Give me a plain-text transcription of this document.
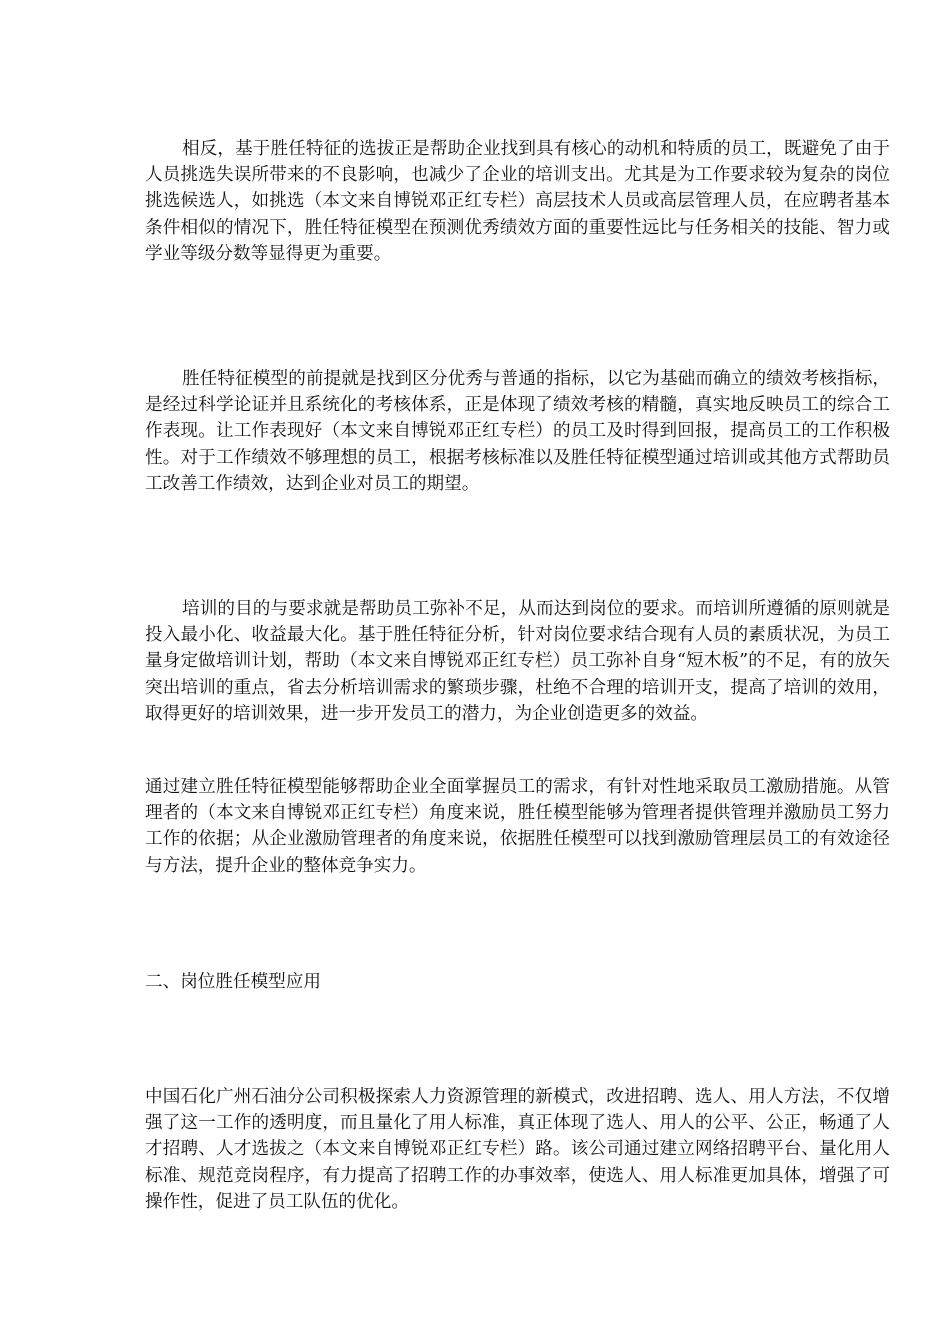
相反，基于胜任特征的选拔正是帮助企业找到具有核心的动机和特质的员工，既避免了由于人员挑选失误所带来的不良影响，也减少了企业的培训支出。尤其是为工作要求较为复杂的岗位挑选候选人，如挑选（本文来自博锐邓正红专栏）高层技术人员或高层管理人员，在应聘者基本条件相似的情况下，胜任特征模型在预测优秀绩效方面的重要性远比与任务相关的技能、智力或学业等级分数等显得更为重要。

胜任特征模型的前提就是找到区分优秀与普通的指标，以它为基础而确立的绩效考核指标，是经过科学论证并且系统化的考核体系，正是体现了绩效考核的精髓，真实地反映员工的综合工作表现。让工作表现好（本文来自博锐邓正红专栏）的员工及时得到回报，提高员工的工作积极性。对于工作绩效不够理想的员工，根据考核标准以及胜任特征模型通过培训或其他方式帮助员工改善工作绩效，达到企业对员工的期望。

培训的目的与要求就是帮助员工弥补不足，从而达到岗位的要求。而培训所遵循的原则就是投入最小化、收益最大化。基于胜任特征分析，针对岗位要求结合现有人员的素质状况，为员工量身定做培训计划，帮助（本文来自博锐邓正红专栏）员工弥补自身“短木板”的不足，有的放矢突出培训的重点，省去分析培训需求的繁琐步骤，杜绝不合理的培训开支，提高了培训的效用，取得更好的培训效果，进一步开发员工的潜力，为企业创造更多的效益。

通过建立胜任特征模型能够帮助企业全面掌握员工的需求，有针对性地采取员工激励措施。从管理者的（本文来自博锐邓正红专栏）角度来说，胜任模型能够为管理者提供管理并激励员工努力工作的依据；从企业激励管理者的角度来说，依据胜任模型可以找到激励管理层员工的有效途径与方法，提升企业的整体竞争实力。

二、岗位胜任模型应用

中国石化广州石油分公司积极探索人力资源管理的新模式，改进招聘、选人、用人方法，不仅增强了这一工作的透明度，而且量化了用人标准，真正体现了选人、用人的公平、公正，畅通了人才招聘、人才选拔之（本文来自博锐邓正红专栏）路。该公司通过建立网络招聘平台、量化用人标准、规范竞岗程序，有力提高了招聘工作的办事效率，使选人、用人标准更加具体，增强了可操作性，促进了员工队伍的优化。
